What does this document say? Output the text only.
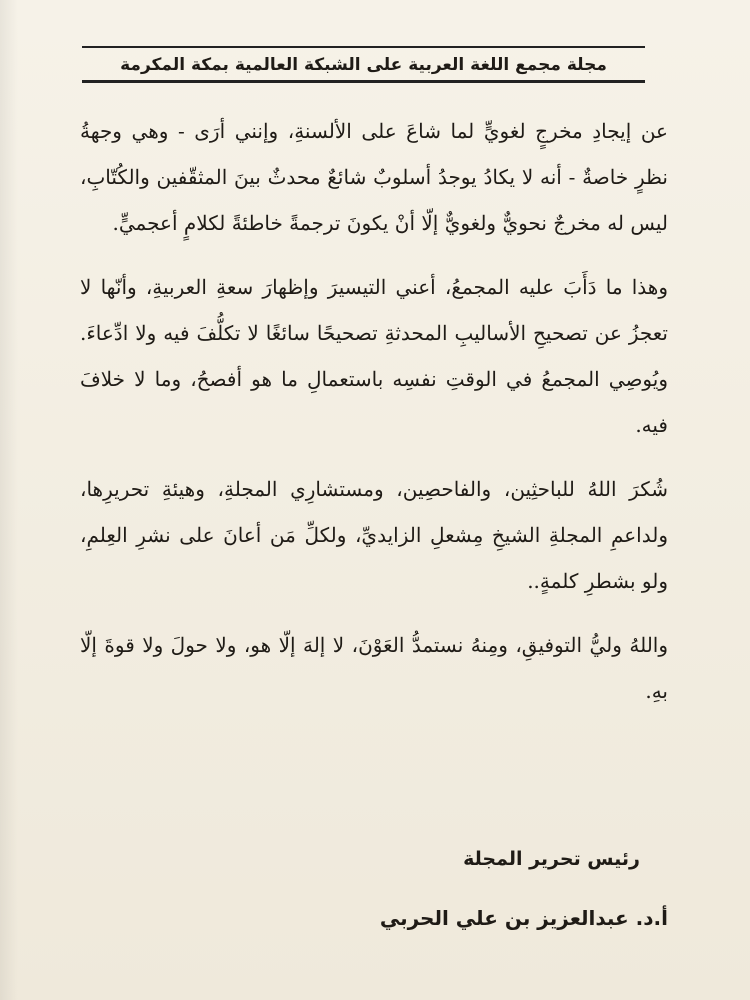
مجلة مجمع اللغة العربية على الشبكة العالمية بمكة المكرمة

عن إيجادِ مخرجٍ لغويٍّ لما شاعَ على الألسنةِ، وإنني أرَى - وهي وجهةُ نظرٍ خاصةٌ - أنه لا يكادُ يوجدُ أسلوبٌ شائعٌ محدثٌ بينَ المثقّفين والكُتّابِ، ليس له مخرجٌ نحويٌّ ولغويٌّ إلّا أنْ يكونَ ترجمةً خاطئةً لكلامٍ أعجميٍّ.

وهذا ما دَأَبَ عليه المجمعُ، أعني التيسيرَ وإظهارَ سعةِ العربيةِ، وأنّها لا تعجزُ عن تصحيحِ الأساليبِ المحدثةِ تصحيحًا سائغًا لا تكلُّفَ فيه ولا ادِّعاءَ. ويُوصِي المجمعُ في الوقتِ نفسِه باستعمالِ ما هو أفصحُ، وما لا خلافَ فيه.

شُكرَ اللهُ للباحثِين، والفاحصِين، ومستشارِي المجلةِ، وهيئةِ تحريرِها، ولداعمِ المجلةِ الشيخِ مِشعلِ الزايديِّ، ولكلِّ مَن أعانَ على نشرِ العِلمِ، ولو بشطرِ كلمةٍ..

واللهُ وليُّ التوفيقِ، ومِنهُ نستمدُّ العَوْنَ، لا إلهَ إلّا هو، ولا حولَ ولا قوةَ إلّا بهِ.

رئيس تحرير المجلة
أ.د. عبدالعزيز بن علي الحربي
